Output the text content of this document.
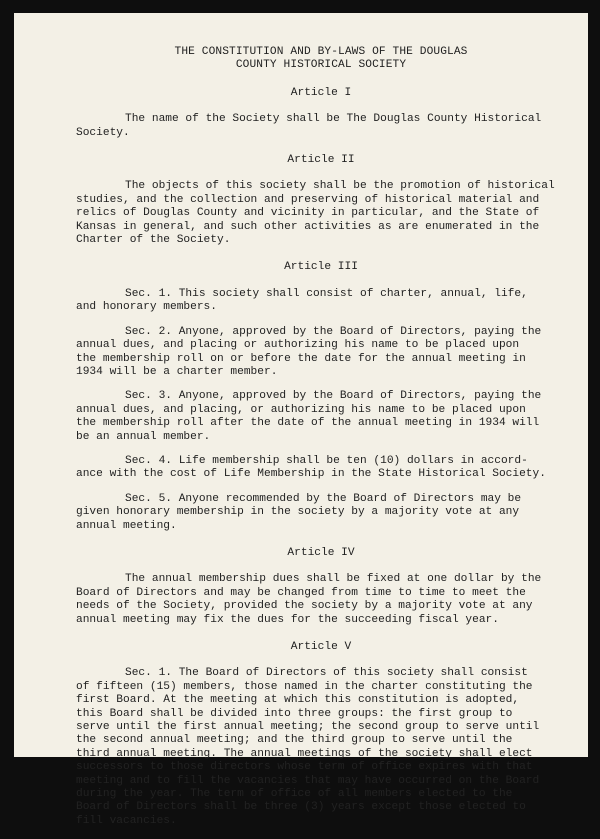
THE CONSTITUTION AND BY-LAWS OF THE DOUGLAS
COUNTY HISTORICAL SOCIETY
Article I

The name of the Society shall be The Douglas County Historical
Society.

Article II

The objects of this society shall be the promotion of historical
studies, and the collection and preserving of historical material and
relics of Douglas County and vicinity in particular, and the State of
Kansas in general, and such other activities as are enumerated in the
Charter of the Society.

Article III

Sec. 1. This society shall consist of charter, annual, life,
and honorary members.

Sec. 2. Anyone, approved by the Board of Directors, paying the
annual dues, and placing or authorizing his name to be placed upon
the membership roll on or before the date for the annual meeting in
1934 will be a charter member.

Sec. 3. Anyone, approved by the Board of Directors, paying the
annual dues, and placing, or authorizing his name to be placed upon
the membership roll after the date of the annual meeting in 1934 will
be an annual member.

Sec. 4. Life membership shall be ten (10) dollars in accord-
ance with the cost of Life Membership in the State Historical Society.

Sec. 5. Anyone recommended by the Board of Directors may be
given honorary membership in the society by a majority vote at any
annual meeting.

Article IV

The annual membership dues shall be fixed at one dollar by the
Board of Directors and may be changed from time to time to meet the
needs of the Society, provided the society by a majority vote at any
annual meeting may fix the dues for the succeeding fiscal year.

Article V

Sec. 1. The Board of Directors of this society shall consist
of fifteen (15) members, those named in the charter constituting the
first Board. At the meeting at which this constitution is adopted,
this Board shall be divided into three groups: the first group to
serve until the first annual meeting; the second group to serve until
the second annual meeting; and the third group to serve until the
third annual meeting. The annual meetings of the society shall elect
successors to those directors whose term of office expires with that
meeting and to fill the vacancies that may have occurred on the Board
during the year. The term of office of all members elected to the
Board of Directors shall be three (3) years except those elected to
fill vacancies.
